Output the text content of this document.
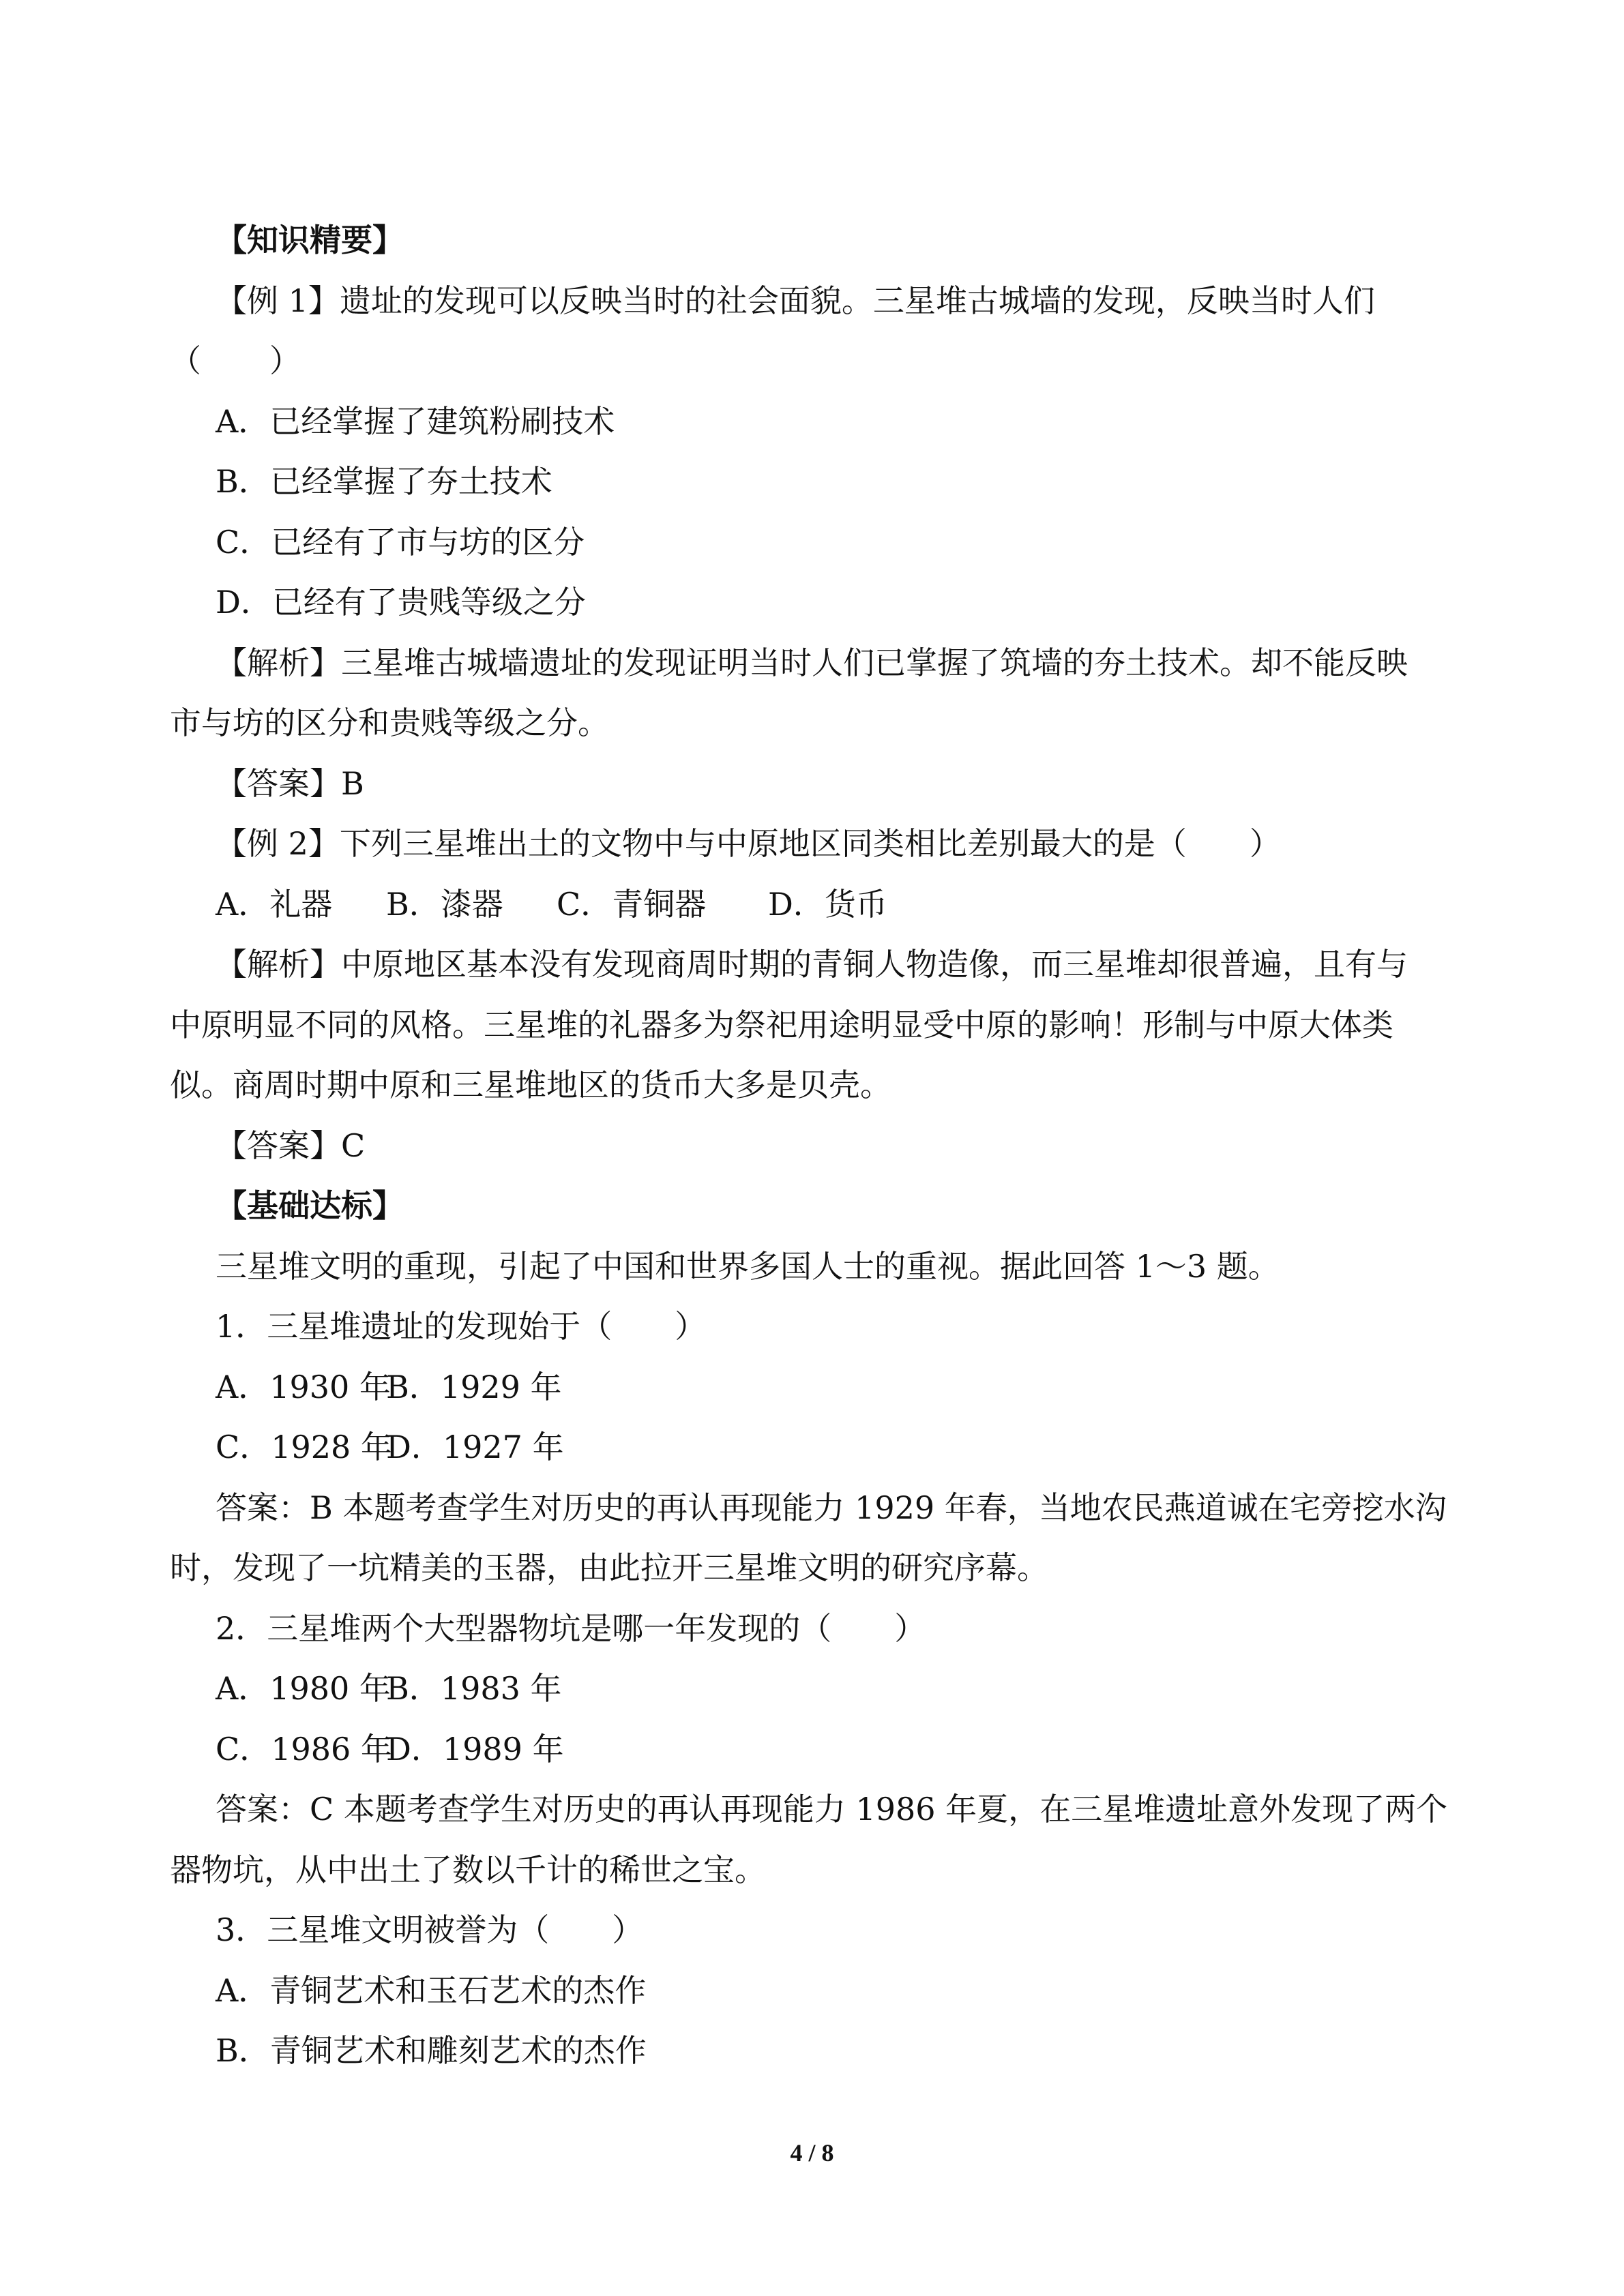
【知识精要】

【例 1】遗址的发现可以反映当时的社会面貌。三星堆古城墙的发现，反映当时人们

（ ）

A．已经掌握了建筑粉刷技术

B．已经掌握了夯土技术

C．已经有了市与坊的区分

D．已经有了贵贱等级之分

【解析】三星堆古城墙遗址的发现证明当时人们已掌握了筑墙的夯土技术。却不能反映

市与坊的区分和贵贱等级之分。

【答案】B

【例 2】下列三星堆出土的文物中与中原地区同类相比差别最大的是（　　）

A．礼器 B．漆器 C．青铜器 D．货币

【解析】中原地区基本没有发现商周时期的青铜人物造像，而三星堆却很普遍，且有与

中原明显不同的风格。三星堆的礼器多为祭祀用途明显受中原的影响！形制与中原大体类

似。商周时期中原和三星堆地区的货币大多是贝壳。

【答案】C

【基础达标】

三星堆文明的重现，引起了中国和世界多国人士的重视。据此回答 1～3 题。

1．三星堆遗址的发现始于（　　）

A．1930 年B．1929 年

C．1928 年D．1927 年

答案：B 本题考查学生对历史的再认再现能力 1929 年春，当地农民燕道诚在宅旁挖水沟

时，发现了一坑精美的玉器，由此拉开三星堆文明的研究序幕。

2．三星堆两个大型器物坑是哪一年发现的（　　）

A．1980 年B．1983 年

C．1986 年D．1989 年

答案：C 本题考查学生对历史的再认再现能力 1986 年夏，在三星堆遗址意外发现了两个

器物坑，从中出土了数以千计的稀世之宝。

3．三星堆文明被誉为（　　）

A．青铜艺术和玉石艺术的杰作

B．青铜艺术和雕刻艺术的杰作

4 / 8
